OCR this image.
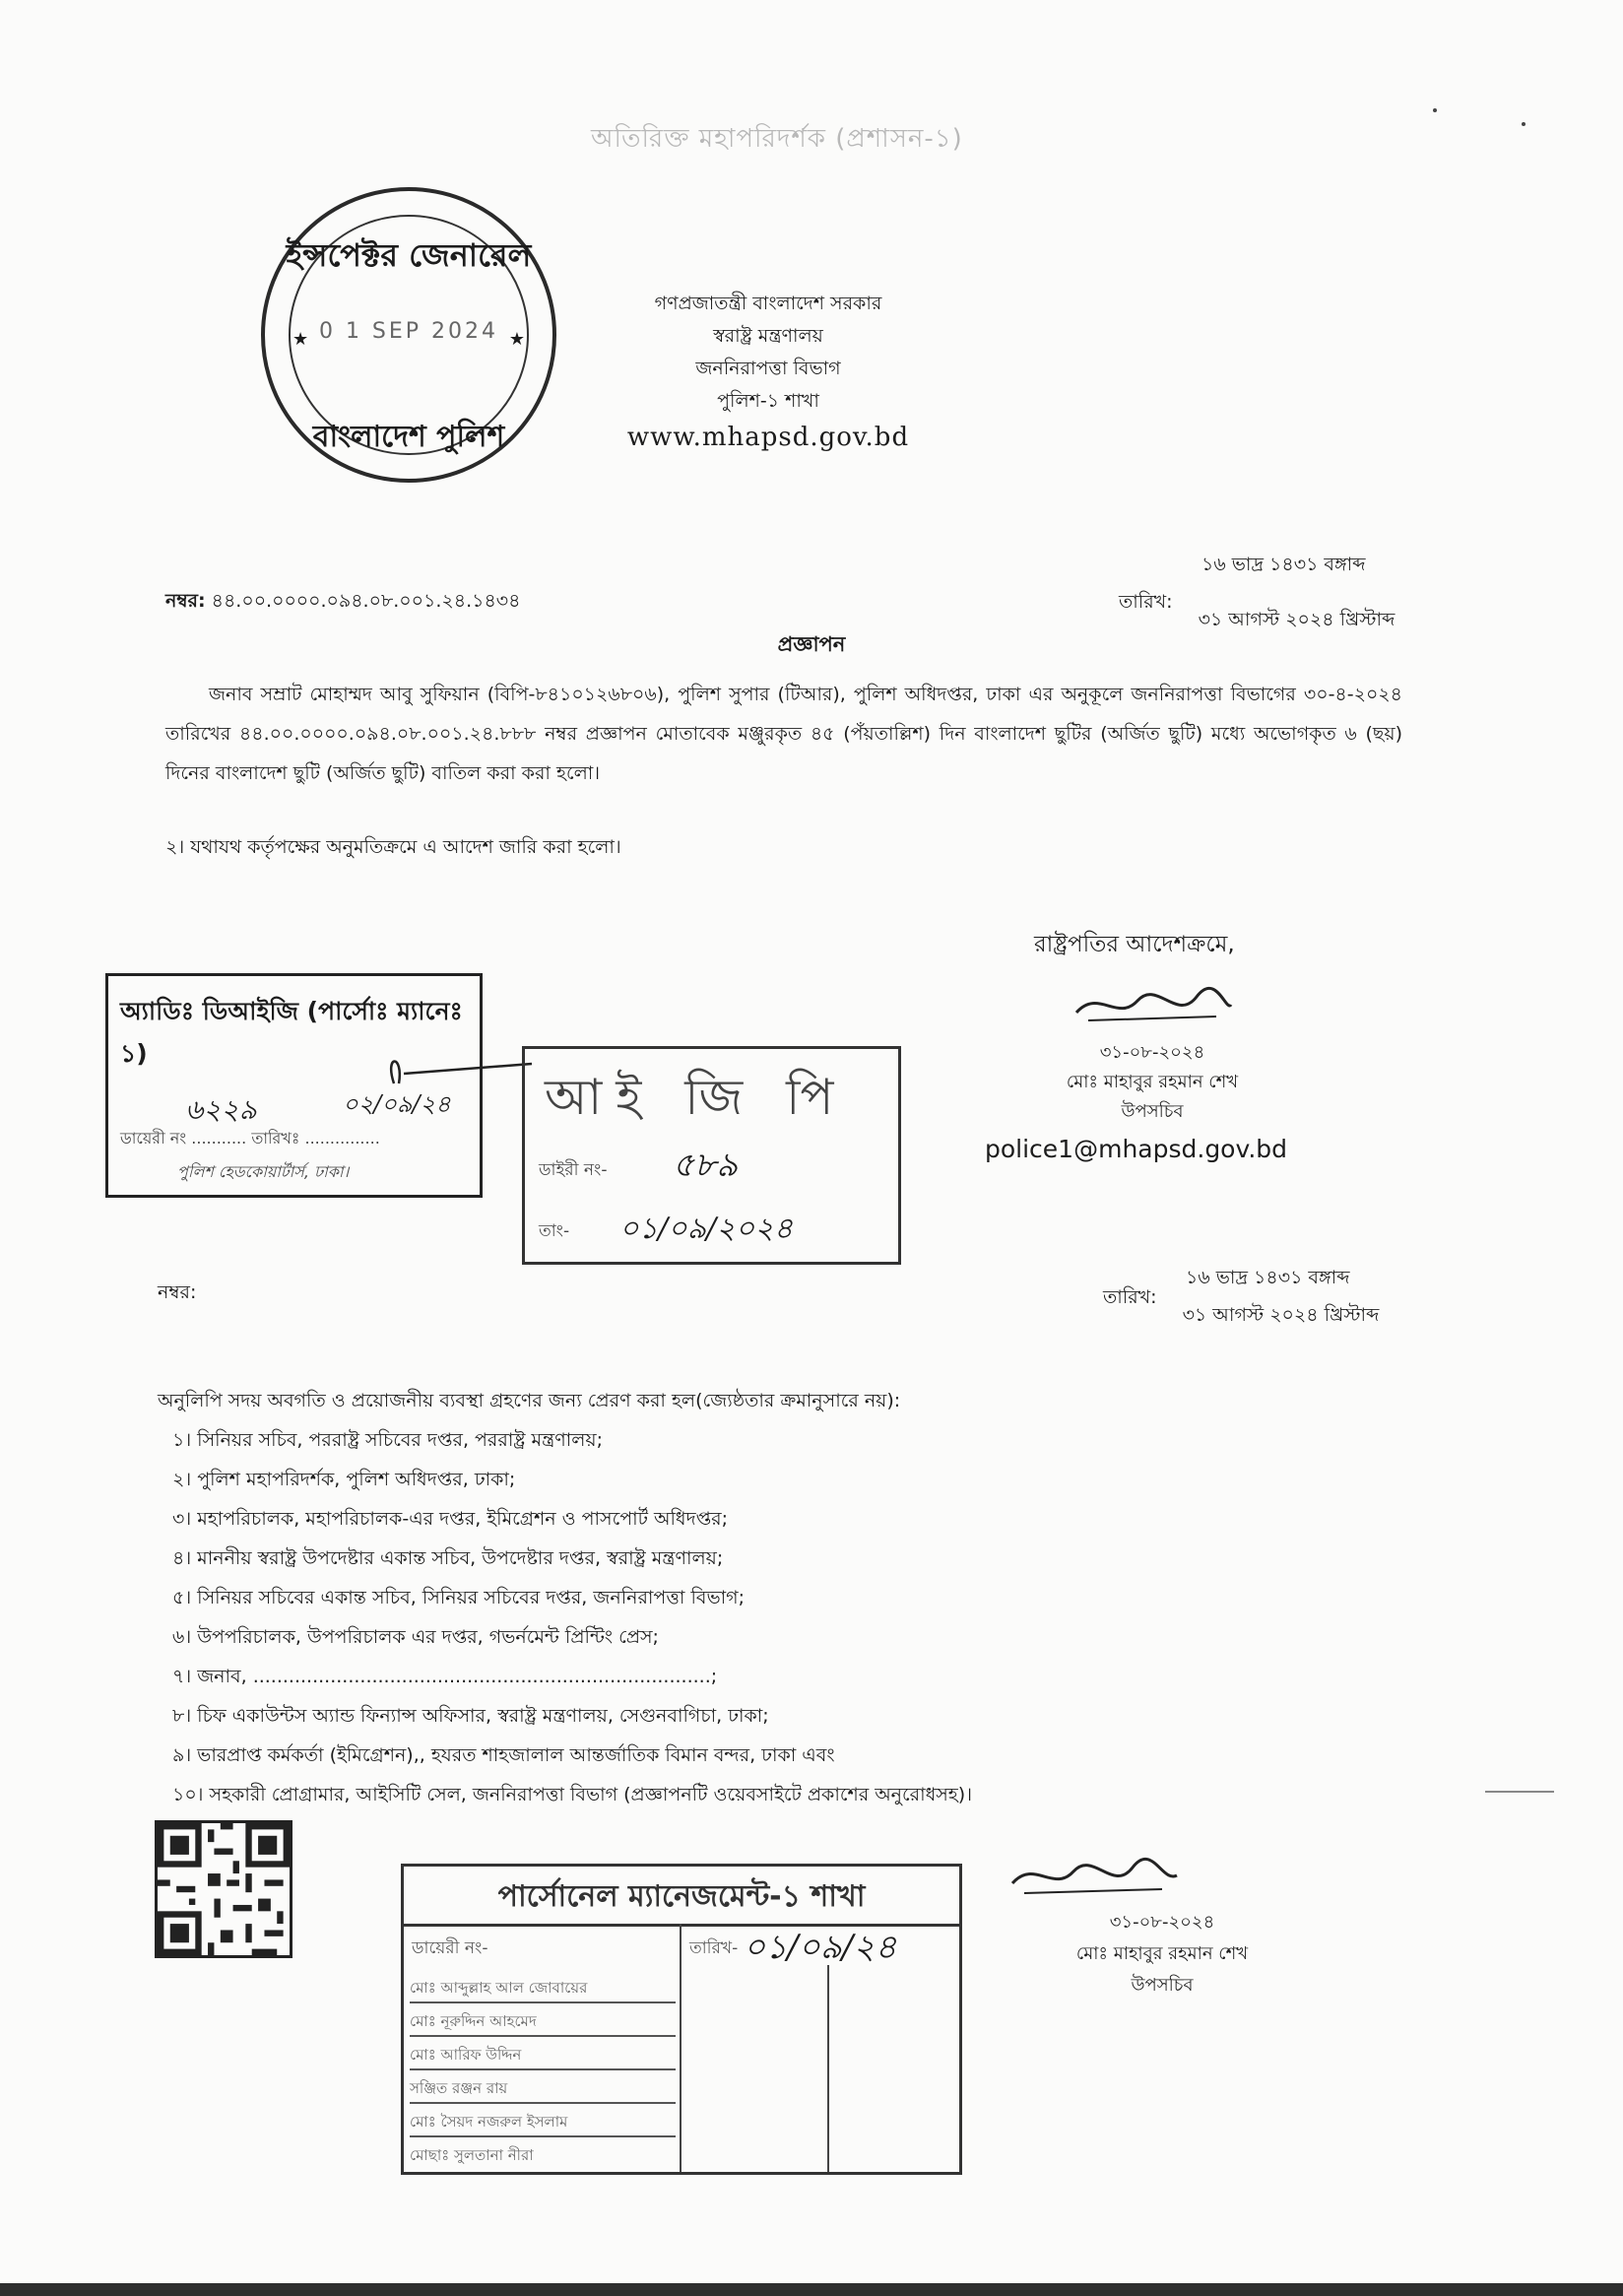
অতিরিক্ত মহাপরিদর্শক (প্রশাসন-১)
ইন্সপেক্টর জেনারেল
★	★
0 1 SEP 2024
বাংলাদেশ পুলিশ
গণপ্রজাতন্ত্রী বাংলাদেশ সরকার
স্বরাষ্ট্র মন্ত্রণালয়
জননিরাপত্তা বিভাগ
পুলিশ-১ শাখা
www.mhapsd.gov.bd
নম্বর: ৪৪.০০.০০০০.০৯৪.০৮.০০১.২৪.১৪৩৪
১৬ ভাদ্র ১৪৩১ বঙ্গাব্দ
তারিখ: ৩১ আগস্ট ২০২৪ খ্রিস্টাব্দ
প্রজ্ঞাপন
জনাব সম্রাট মোহাম্মদ আবু সুফিয়ান (বিপি-৮৪১০১২৬৮০৬), পুলিশ সুপার (টিআর), পুলিশ অধিদপ্তর, ঢাকা এর অনুকূলে জননিরাপত্তা বিভাগের ৩০-৪-২০২৪ তারিখের ৪৪.০০.০০০০.০৯৪.০৮.০০১.২৪.৮৮৮ নম্বর প্রজ্ঞাপন মোতাবেক মঞ্জুরকৃত ৪৫ (পঁয়তাল্লিশ) দিন বাংলাদেশ ছুটির (অর্জিত ছুটি) মধ্যে অভোগকৃত ৬ (ছয়) দিনের বাংলাদেশ ছুটি (অর্জিত ছুটি) বাতিল করা করা হলো।
২। যথাযথ কর্তৃপক্ষের অনুমতিক্রমে এ আদেশ জারি করা হলো।
রাষ্ট্রপতির আদেশক্রমে,
৩১-০৮-২০২৪
মোঃ মাহাবুর রহমান শেখ
উপসচিব
police1@mhapsd.gov.bd
অ্যাডিঃ ডিআইজি (পার্সোঃ ম্যানেঃ ১)
৬২২৯	০২/০৯/২৪
ডায়েরী নং ........... তারিখঃ ...............
পুলিশ হেডকোয়ার্টার্স, ঢাকা।
আই জি পি
ডাইরী নং- ৫৮৯
তাং- ০১/০৯/২০২৪
নম্বর:
১৬ ভাদ্র ১৪৩১ বঙ্গাব্দ
তারিখ: ৩১ আগস্ট ২০২৪ খ্রিস্টাব্দ
অনুলিপি সদয় অবগতি ও প্রয়োজনীয় ব্যবস্থা গ্রহণের জন্য প্রেরণ করা হল(জ্যেষ্ঠতার ক্রমানুসারে নয়):
১। সিনিয়র সচিব, পররাষ্ট্র সচিবের দপ্তর, পররাষ্ট্র মন্ত্রণালয়;
২। পুলিশ মহাপরিদর্শক, পুলিশ অধিদপ্তর, ঢাকা;
৩। মহাপরিচালক, মহাপরিচালক-এর দপ্তর, ইমিগ্রেশন ও পাসপোর্ট অধিদপ্তর;
৪। মাননীয় স্বরাষ্ট্র উপদেষ্টার একান্ত সচিব, উপদেষ্টার দপ্তর, স্বরাষ্ট্র মন্ত্রণালয়;
৫। সিনিয়র সচিবের একান্ত সচিব, সিনিয়র সচিবের দপ্তর, জননিরাপত্তা বিভাগ;
৬। উপপরিচালক, উপপরিচালক এর দপ্তর, গভর্নমেন্ট প্রিন্টিং প্রেস;
৭। জনাব, .............................................................................;
৮। চিফ একাউন্টস অ্যান্ড ফিন্যান্স অফিসার, স্বরাষ্ট্র মন্ত্রণালয়, সেগুনবাগিচা, ঢাকা;
৯। ভারপ্রাপ্ত কর্মকর্তা (ইমিগ্রেশন),, হযরত শাহজালাল আন্তর্জাতিক বিমান বন্দর, ঢাকা এবং
১০। সহকারী প্রোগ্রামার, আইসিটি সেল, জননিরাপত্তা বিভাগ (প্রজ্ঞাপনটি ওয়েবসাইটে প্রকাশের অনুরোধসহ)।
পার্সোনেল ম্যানেজমেন্ট-১ শাখা
ডায়েরী নং-	তারিখ- ০১/০৯/২৪
মোঃ আব্দুল্লাহ আল জোবায়ের
মোঃ নূরুদ্দিন আহমেদ
মোঃ আরিফ উদ্দিন
সঞ্জিত রঞ্জন রায়
মোঃ সৈয়দ নজরুল ইসলাম
মোছাঃ সুলতানা নীরা
৩১-০৮-২০২৪
মোঃ মাহাবুর রহমান শেখ
উপসচিব
